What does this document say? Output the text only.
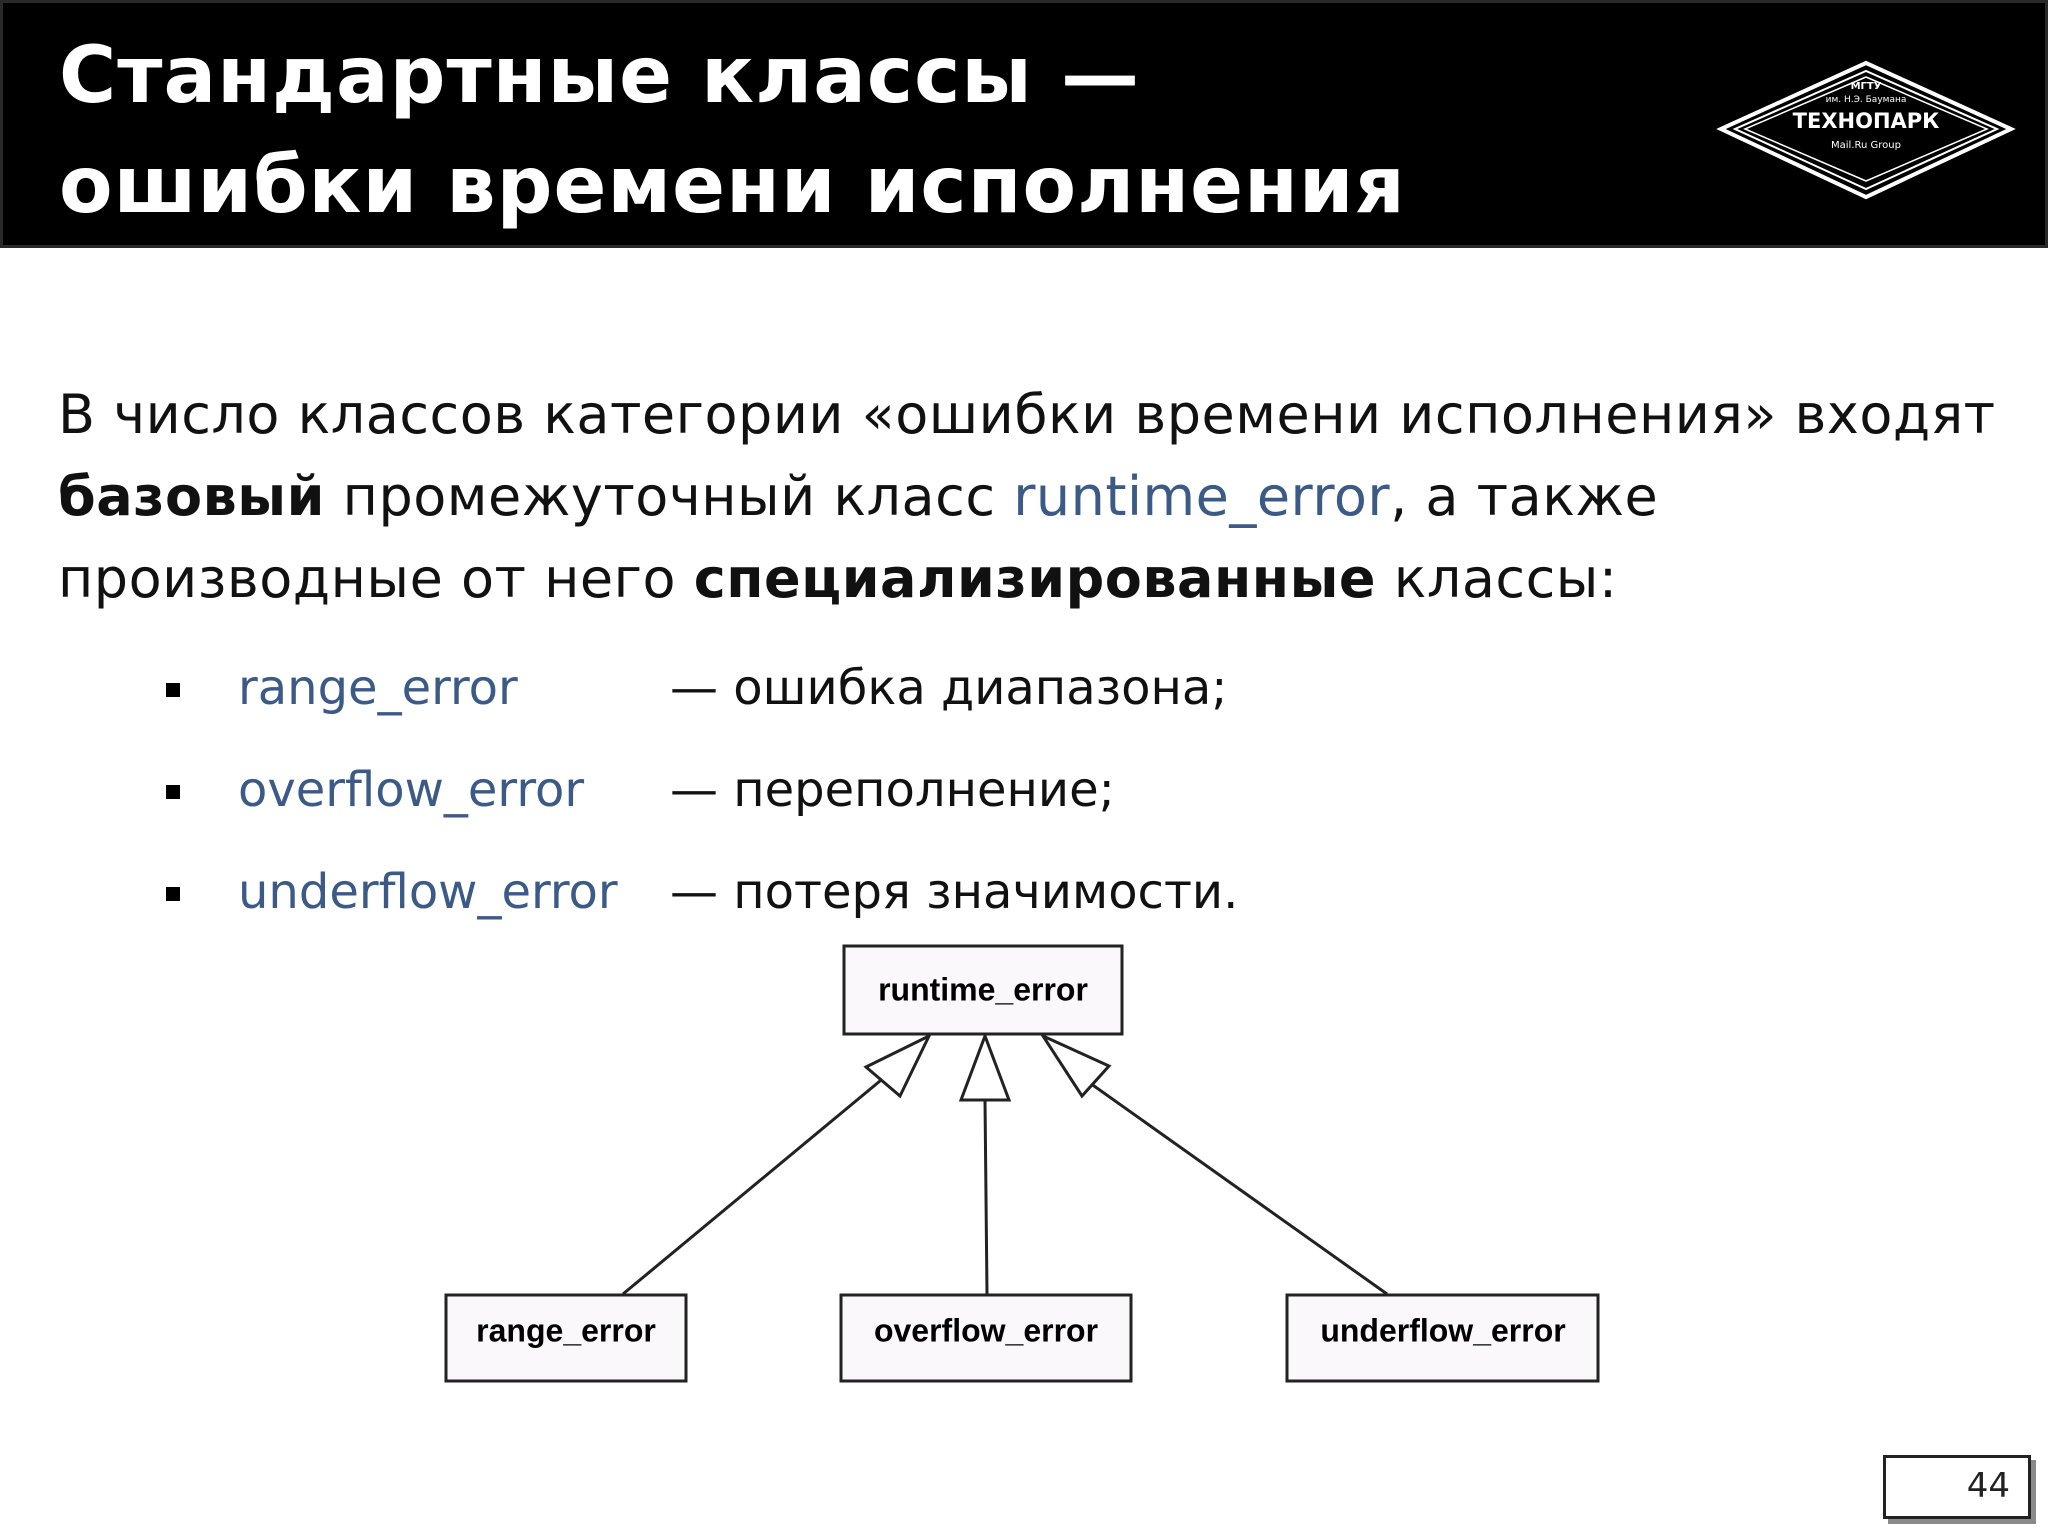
Стандартные классы —
ошибки времени исполнения
МГТУ
им. Н.Э. Баумана
ТЕХНОПАРК
Mail.Ru Group

В число классов категории «ошибки времени исполнения» входят

базовый промежуточный класс runtime_error, а также

производные от него специализированные классы:

range_error	— ошибка диапазона;
overflow_error — переполнение;
underflow_error — потеря значимости.
runtime_error
range_error	overflow_error	underflow_error
44
